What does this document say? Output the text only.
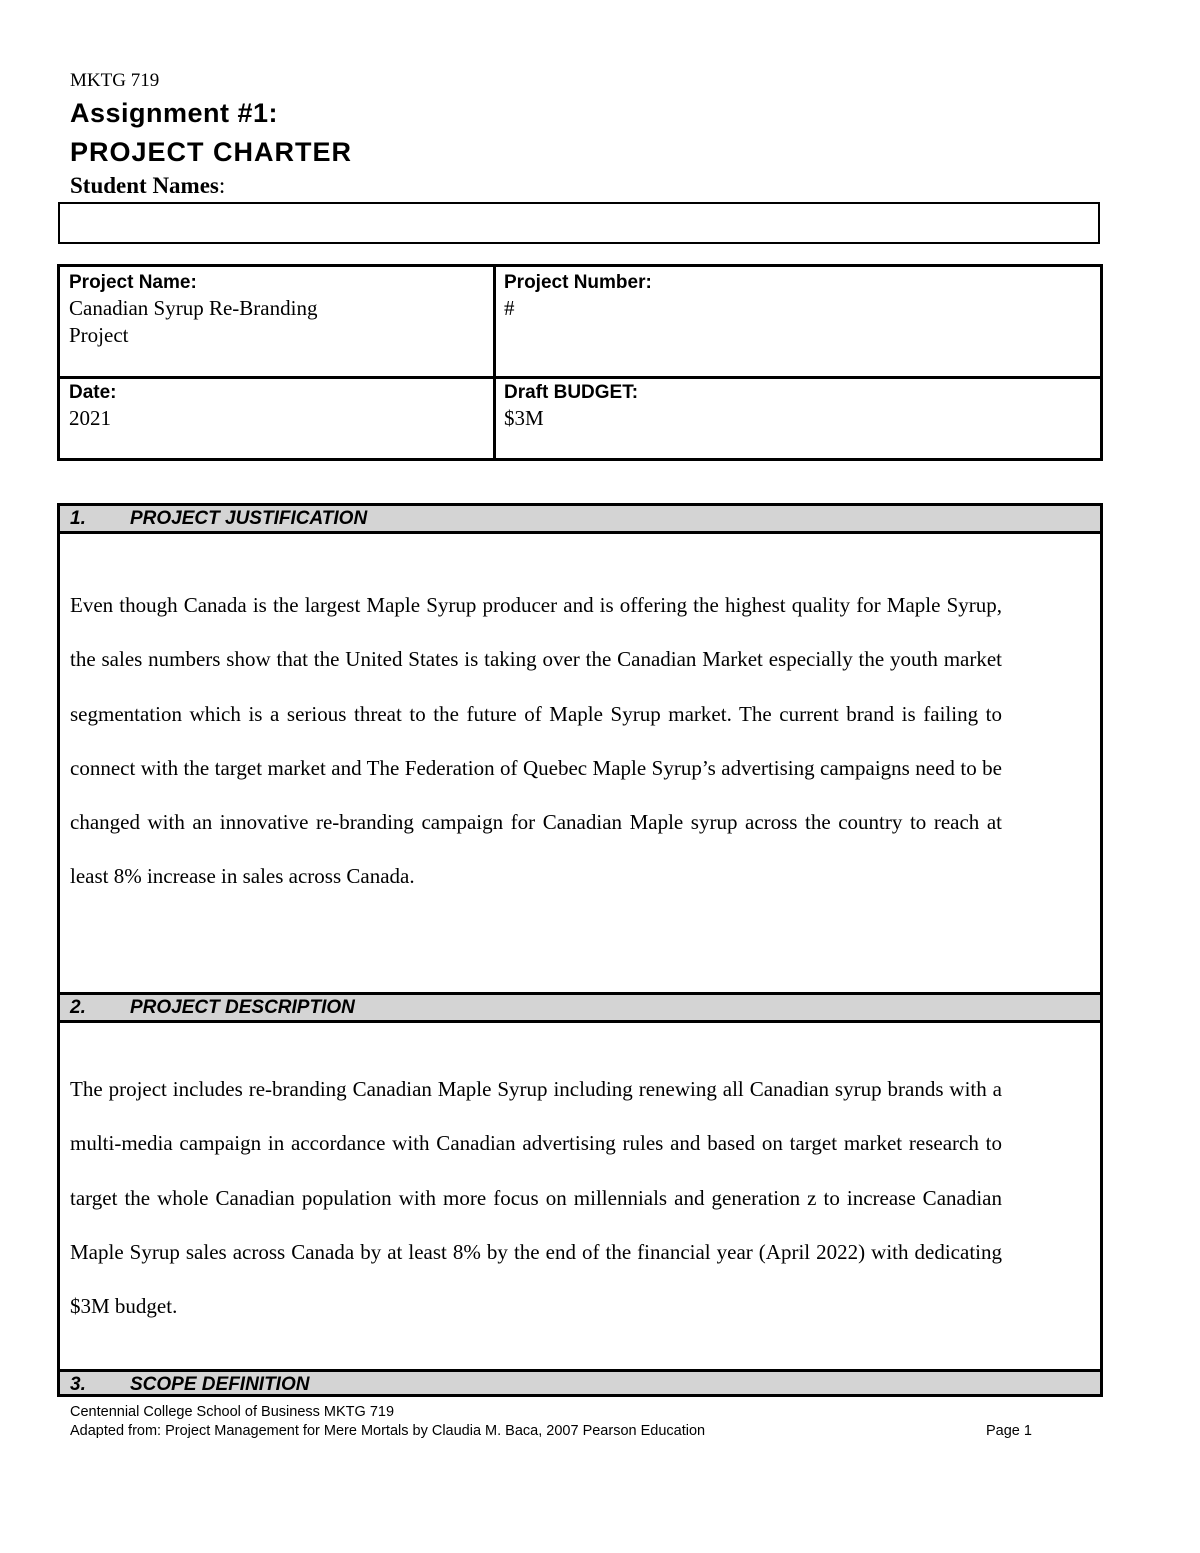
MKTG 719
Assignment #1:
PROJECT CHARTER
Student Names:
Project Name:
Canadian Syrup Re-Branding
Project
Project Number:
#
Date:
2021
Draft BUDGET:
$3M
1. PROJECT JUSTIFICATION
Even though Canada is the largest Maple Syrup producer and is offering the highest quality for Maple Syrup, the sales numbers show that the United States is taking over the Canadian Market especially the youth market segmentation which is a serious threat to the future of Maple Syrup market. The current brand is failing to connect with the target market and The Federation of Quebec Maple Syrup’s advertising campaigns need to be changed with an innovative re-branding campaign for Canadian Maple syrup across the country to reach at least 8% increase in sales across Canada.
2. PROJECT DESCRIPTION
The project includes re-branding Canadian Maple Syrup including renewing all Canadian syrup brands with a multi-media campaign in accordance with Canadian advertising rules and based on target market research to target the whole Canadian population with more focus on millennials and generation z to increase Canadian Maple Syrup sales across Canada by at least 8% by the end of the financial year (April 2022) with dedicating $3M budget.
3. SCOPE DEFINITION
Centennial College School of Business MKTG 719
Adapted from: Project Management for Mere Mortals by Claudia M. Baca, 2007 Pearson Education	Page 1
